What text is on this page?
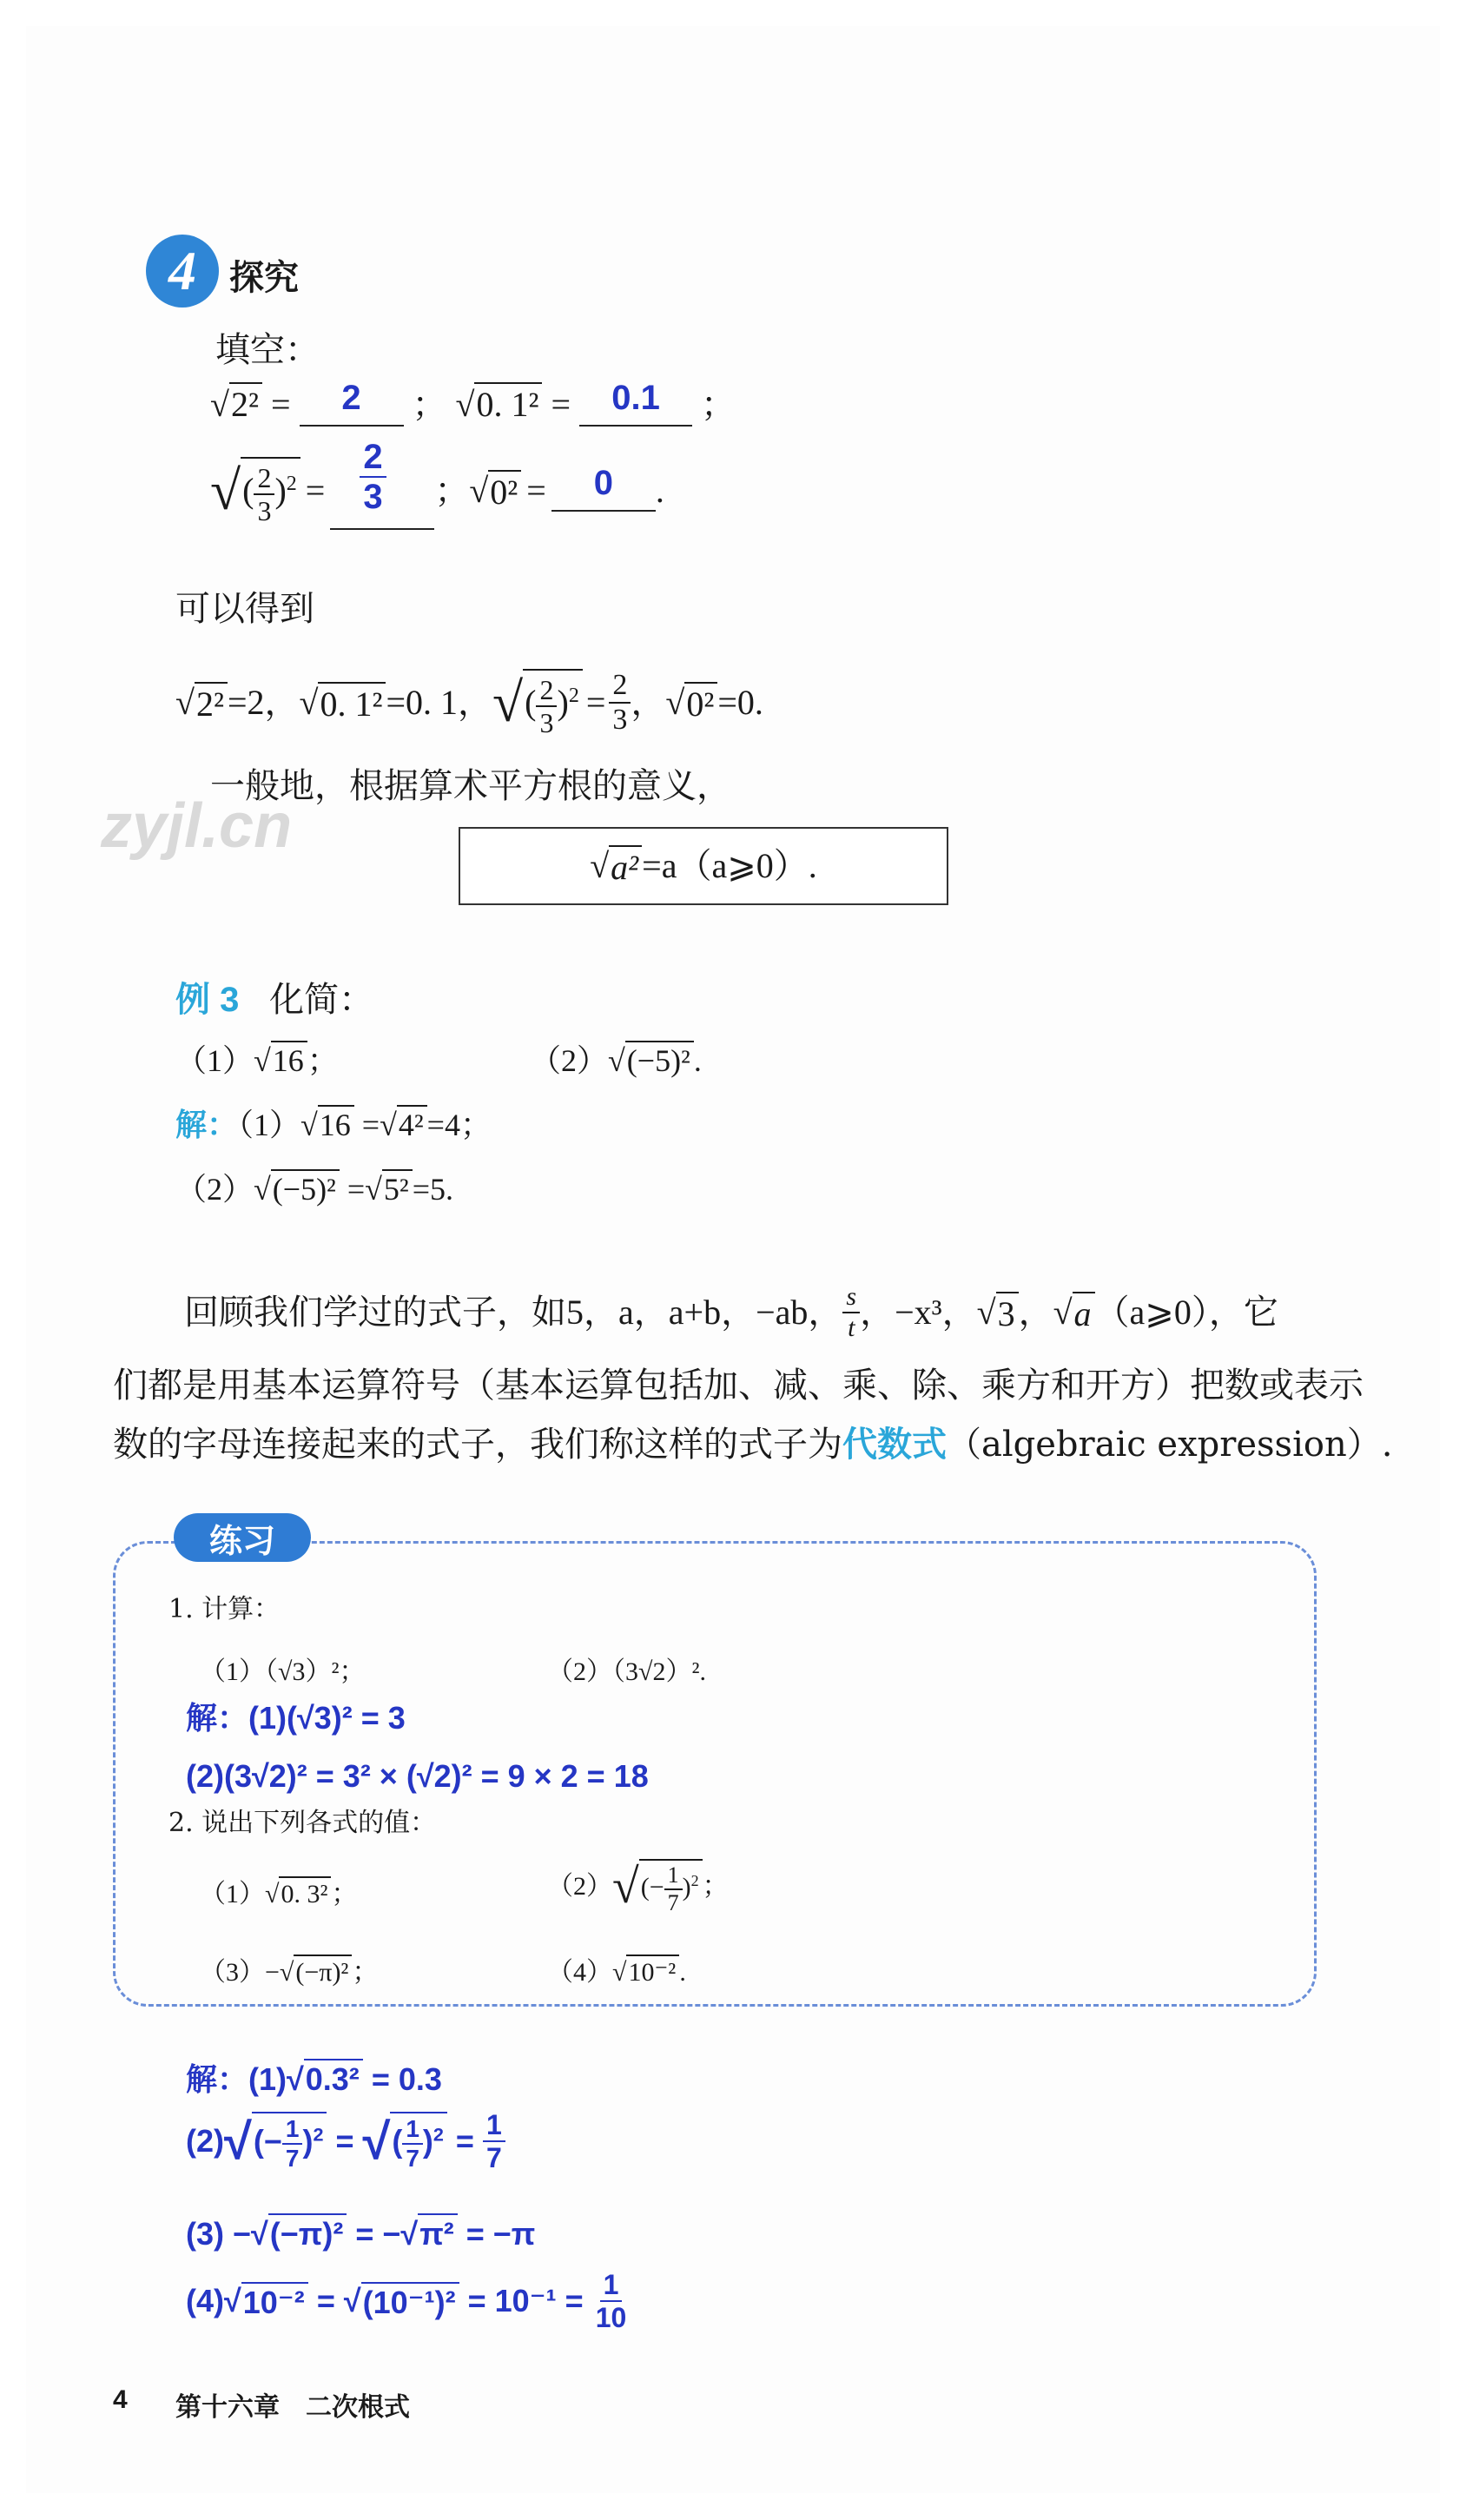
4 探究
填空：
√2² = 2 ； √0. 1² = 0.1 ；
√ ( $\frac{2}{3} )^2 = \frac{2}{3}$ ； √ 0² =	0	.
可以得到
√ 2² =2， √ 0. 1² =0. 1， √ ( $\frac{2}{3} )^2 = \frac{2}{3}$ ， √ 0² =0.
一般地，根据算术平方根的意义，
zyjl.cn
√ a² =a（a⩾0）.
例 3 化简：
（1）√16 ；	（2）√(−5)² .
解：（1）√16 =√4² =4；
（2）√(−5)² =√5² =5.
回顾我们学过的式子，如5，a，a+b，−ab， $\frac{s}{t}$ ，−x³， √ 3 ， √ a （a⩾0），它
们都是用基本运算符号（基本运算包括加、减、乘、除、乘方和开方）把数或表示
数的字母连接起来的式子，我们称这样的式子为代数式（algebraic expression）.
练习
1. 计算：
（1）（√3）²；	（2）（3√2）².
解：(1)(√3)² = 3
(2)(3√2)² = 3² × (√2)² = 9 × 2 = 18
2. 说出下列各式的值：
（1）√0. 3² ；	（2） √ (− $\frac{1}{7} )^2$ ；
（3）−√(−π)² ；	（4）√10⁻² .
解：(1)√0.3² = 0.3
(2) √ (− $\frac{1}{7} )^2$ = √ ( $\frac{1}{7} )^2 = \frac{1}{7}$
(3) −√(−π)² = −√π² = −π
(4) √ 10⁻² = √ $(10^{-1})^2 = 10^{-1} = \frac{1}{10}$
4 第十六章　二次根式
